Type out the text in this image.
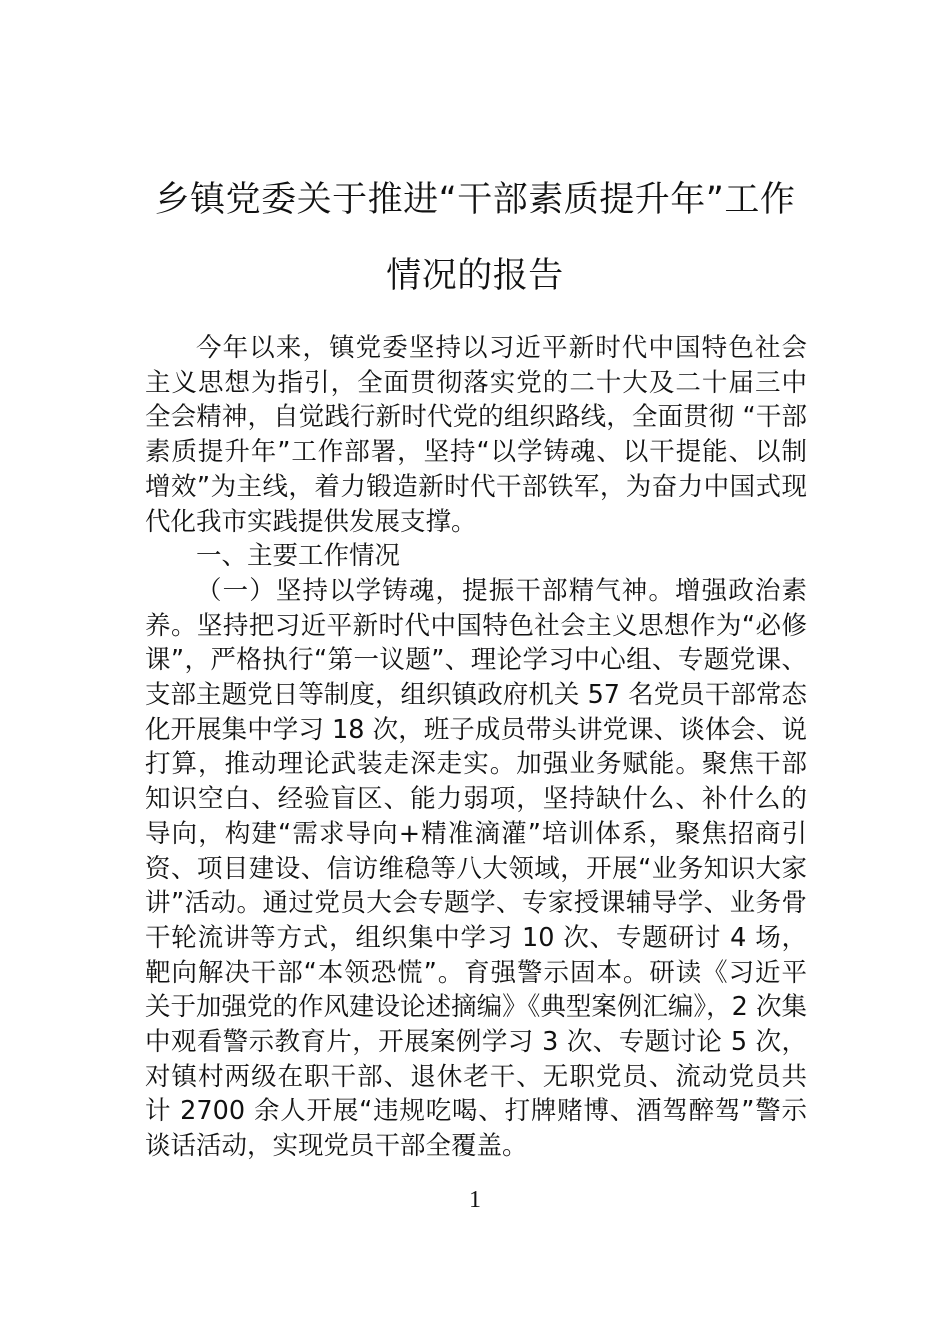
乡镇党委关于推进“干部素质提升年”工作情况的报告

今年以来，镇党委坚持以习近平新时代中国特色社会主义思想为指引，全面贯彻落实党的二十大及二十届三中全会精神，自觉践行新时代党的组织路线，全面贯彻 “干部素质提升年”工作部署，坚持“以学铸魂、以干提能、以制增效”为主线，着力锻造新时代干部铁军，为奋力中国式现代化我市实践提供发展支撑。

一、主要工作情况

（一）坚持以学铸魂，提振干部精气神。增强政治素养。坚持把习近平新时代中国特色社会主义思想作为“必修课”，严格执行“第一议题”、理论学习中心组、专题党课、支部主题党日等制度，组织镇政府机关 57 名党员干部常态化开展集中学习 18 次，班子成员带头讲党课、谈体会、说打算，推动理论武装走深走实。加强业务赋能。聚焦干部知识空白、经验盲区、能力弱项，坚持缺什么、补什么的导向，构建“需求导向+精准滴灌”培训体系，聚焦招商引资、项目建设、信访维稳等八大领域，开展“业务知识大家讲”活动。通过党员大会专题学、专家授课辅导学、业务骨干轮流讲等方式，组织集中学习 10 次、专题研讨 4 场，靶向解决干部“本领恐慌”。育强警示固本。研读《习近平关于加强党的作风建设论述摘编》《典型案例汇编》，2 次集中观看警示教育片，开展案例学习 3 次、专题讨论 5 次，对镇村两级在职干部、退休老干、无职党员、流动党员共计 2700 余人开展“违规吃喝、打牌赌博、酒驾醉驾”警示谈话活动，实现党员干部全覆盖。

1
